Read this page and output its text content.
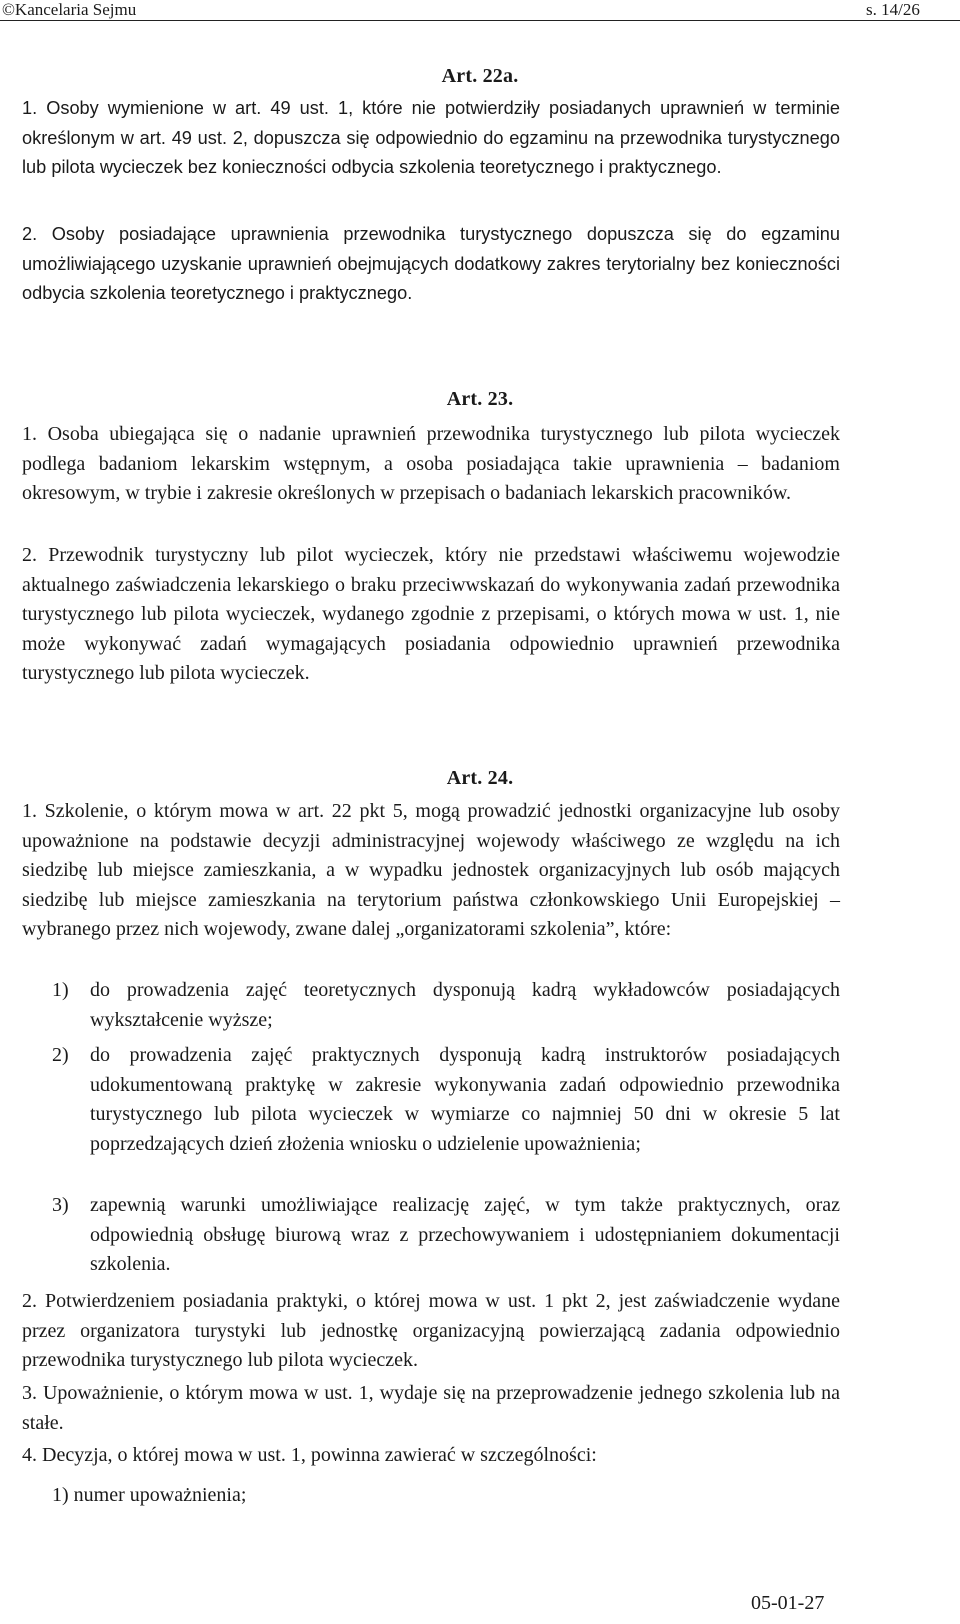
©Kancelaria Sejmu	s. 14/26
Art. 22a.
1. Osoby wymienione w art. 49 ust. 1, które nie potwierdziły posiadanych uprawnień w terminie określonym w art. 49 ust. 2, dopuszcza się odpowiednio do egzaminu na przewodnika turystycznego lub pilota wycieczek bez konieczności odbycia szkolenia teoretycznego i praktycznego.
2. Osoby posiadające uprawnienia przewodnika turystycznego dopuszcza się do egzaminu umożliwiającego uzyskanie uprawnień obejmujących dodatkowy zakres terytorialny bez konieczności odbycia szkolenia teoretycznego i praktycznego.
Art. 23.
1. Osoba ubiegająca się o nadanie uprawnień przewodnika turystycznego lub pilota wycieczek podlega badaniom lekarskim wstępnym, a osoba posiadająca takie uprawnienia – badaniom okresowym, w trybie i zakresie określonych w przepisach o badaniach lekarskich pracowników.
2. Przewodnik turystyczny lub pilot wycieczek, który nie przedstawi właściwemu wojewodzie aktualnego zaświadczenia lekarskiego o braku przeciwwskazań do wykonywania zadań przewodnika turystycznego lub pilota wycieczek, wydanego zgodnie z przepisami, o których mowa w ust. 1, nie może wykonywać zadań wymagających posiadania odpowiednio uprawnień przewodnika turystycznego lub pilota wycieczek.
Art. 24.
1. Szkolenie, o którym mowa w art. 22 pkt 5, mogą prowadzić jednostki organizacyjne lub osoby upoważnione na podstawie decyzji administracyjnej wojewody właściwego ze względu na ich siedzibę lub miejsce zamieszkania, a w wypadku jednostek organizacyjnych lub osób mających siedzibę lub miejsce zamieszkania na terytorium państwa członkowskiego Unii Europejskiej – wybranego przez nich wojewody, zwane dalej „organizatorami szkolenia”, które:
1) do prowadzenia zajęć teoretycznych dysponują kadrą wykładowców posiadających wykształcenie wyższe;
2) do prowadzenia zajęć praktycznych dysponują kadrą instruktorów posiadających udokumentowaną praktykę w zakresie wykonywania zadań odpowiednio przewodnika turystycznego lub pilota wycieczek w wymiarze co najmniej 50 dni w okresie 5 lat poprzedzających dzień złożenia wniosku o udzielenie upoważnienia;
3) zapewnią warunki umożliwiające realizację zajęć, w tym także praktycznych, oraz odpowiednią obsługę biurową wraz z przechowywaniem i udostępnianiem dokumentacji szkolenia.
2. Potwierdzeniem posiadania praktyki, o której mowa w ust. 1 pkt 2, jest zaświadczenie wydane przez organizatora turystyki lub jednostkę organizacyjną powierzającą zadania odpowiednio przewodnika turystycznego lub pilota wycieczek.
3. Upoważnienie, o którym mowa w ust. 1, wydaje się na przeprowadzenie jednego szkolenia lub na stałe.
4. Decyzja, o której mowa w ust. 1, powinna zawierać w szczególności:
1) numer upoważnienia;
05-01-27
